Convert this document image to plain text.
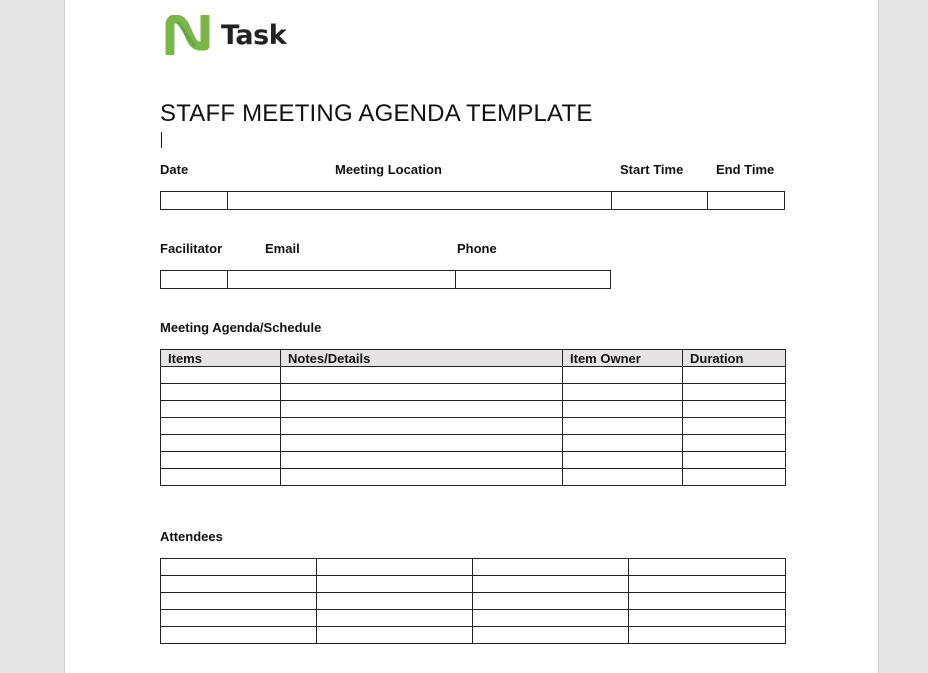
Task
STAFF MEETING AGENDA TEMPLATE
Date	Meeting Location	Start Time	End Time
Facilitator	Email	Phone
Meeting Agenda/Schedule
Items	Notes/Details	Item Owner	Duration

Attendees
